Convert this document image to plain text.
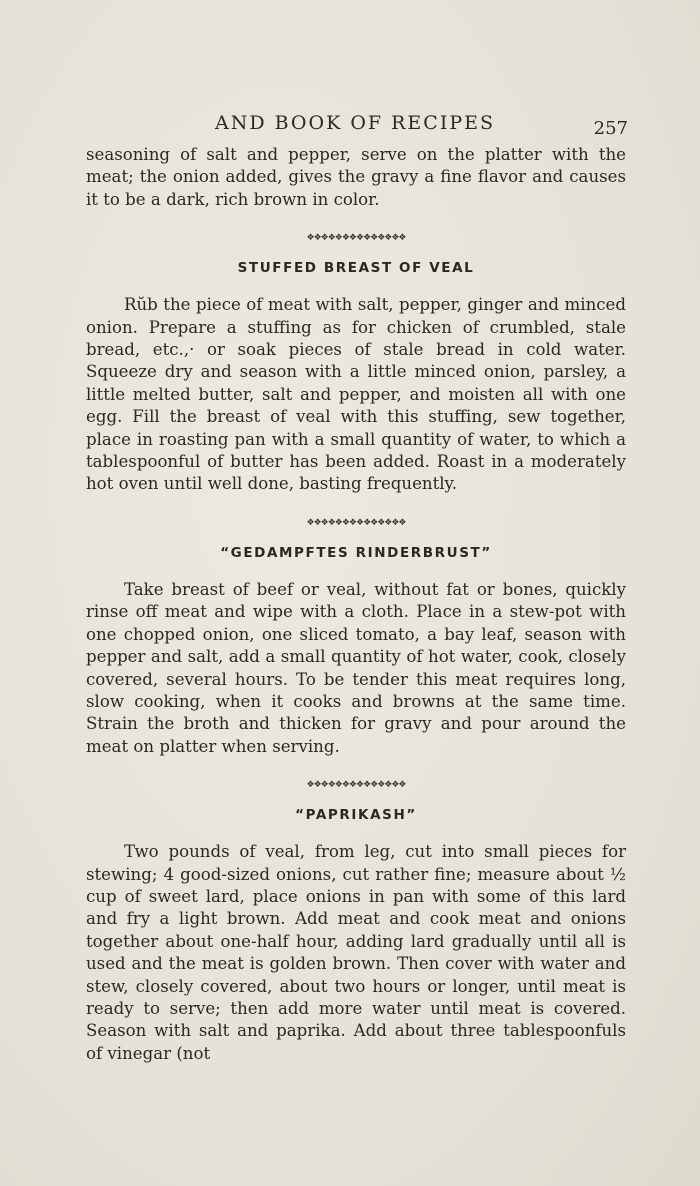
AND BOOK OF RECIPES	257

seasoning of salt and pepper, serve on the platter with the meat; the onion added, gives the gravy a fine flavor and causes it to be a dark, rich brown in color.

❖❖❖❖❖❖❖❖❖❖❖❖❖❖
STUFFED BREAST OF VEAL

Rŭb the piece of meat with salt, pepper, ginger and minced onion. Prepare a stuffing as for chicken of crumbled, stale bread, etc.,· or soak pieces of stale bread in cold water. Squeeze dry and season with a little minced onion, parsley, a little melted butter, salt and pepper, and moisten all with one egg. Fill the breast of veal with this stuffing, sew together, place in roasting pan with a small quantity of water, to which a tablespoonful of butter has been added. Roast in a moderately hot oven until well done, basting frequently.

❖❖❖❖❖❖❖❖❖❖❖❖❖❖
“GEDAMPFTES RINDERBRUST”

Take breast of beef or veal, without fat or bones, quickly rinse off meat and wipe with a cloth. Place in a stew-pot with one chopped onion, one sliced tomato, a bay leaf, season with pepper and salt, add a small quantity of hot water, cook, closely covered, several hours. To be tender this meat requires long, slow cooking, when it cooks and browns at the same time. Strain the broth and thicken for gravy and pour around the meat on platter when serving.

❖❖❖❖❖❖❖❖❖❖❖❖❖❖
“PAPRIKASH”

Two pounds of veal, from leg, cut into small pieces for stewing; 4 good-sized onions, cut rather fine; measure about ½ cup of sweet lard, place onions in pan with some of this lard and fry a light brown. Add meat and cook meat and onions together about one-half hour, adding lard gradually until all is used and the meat is golden brown. Then cover with water and stew, closely covered, about two hours or longer, until meat is ready to serve; then add more water until meat is covered. Season with salt and paprika. Add about three tablespoonfuls of vinegar (not
